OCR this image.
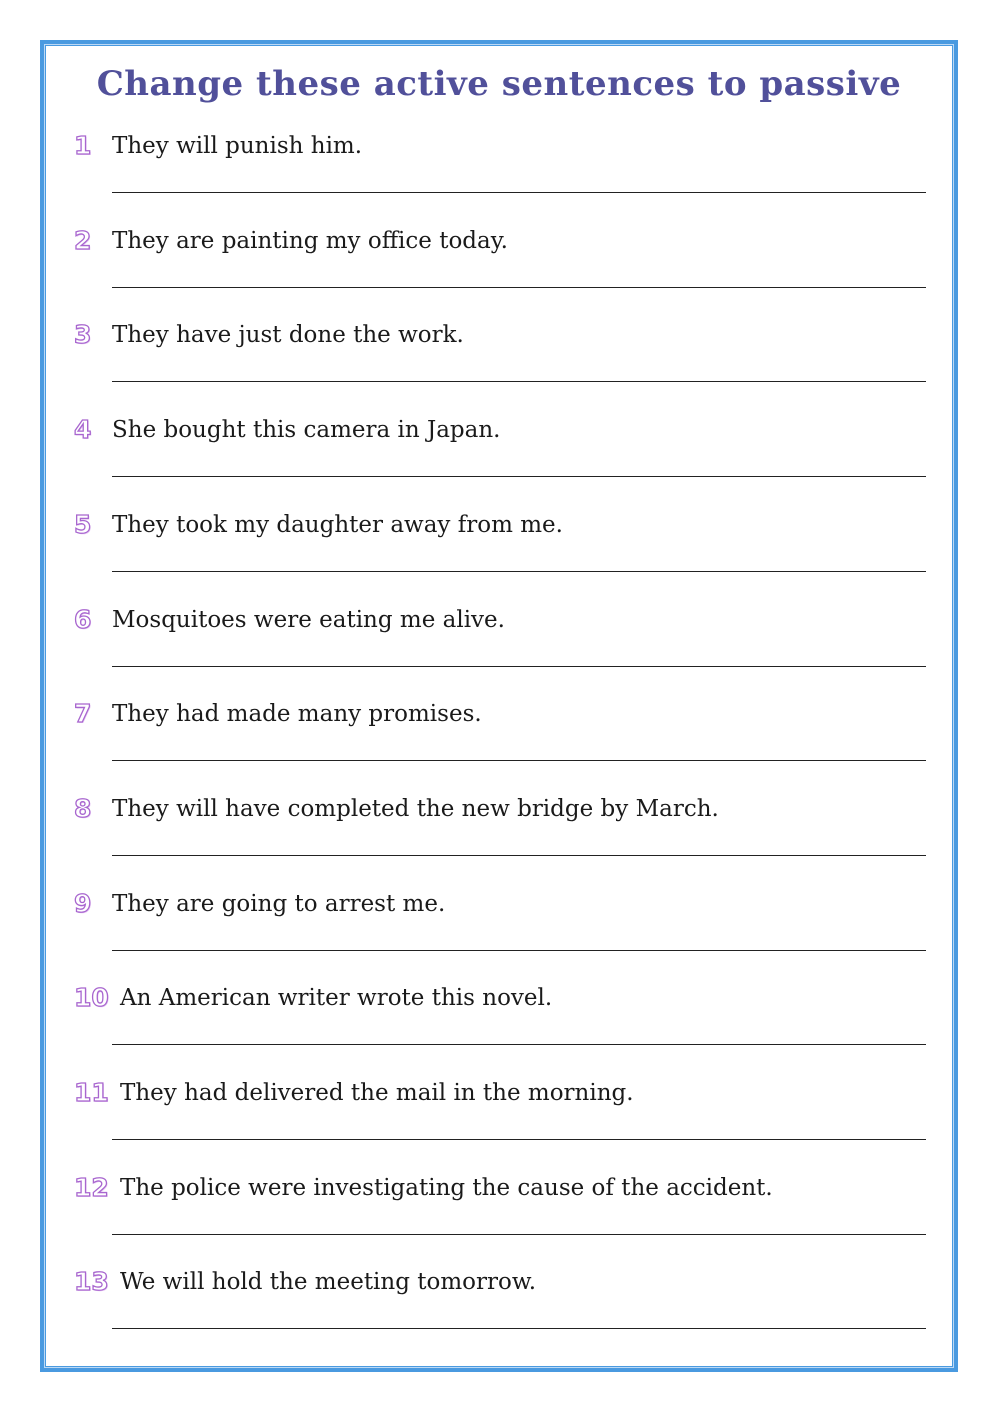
Change these active sentences to passive
1 They will punish him.
2 They are painting my office today.
3 They have just done the work.
4 She bought this camera in Japan.
5 They took my daughter away from me.
6 Mosquitoes were eating me alive.
7 They had made many promises.
8 They will have completed the new bridge by March.
9 They are going to arrest me.
10 An American writer wrote this novel.
11 They had delivered the mail in the morning.
12 The police were investigating the cause of the accident.
13 We will hold the meeting tomorrow.
